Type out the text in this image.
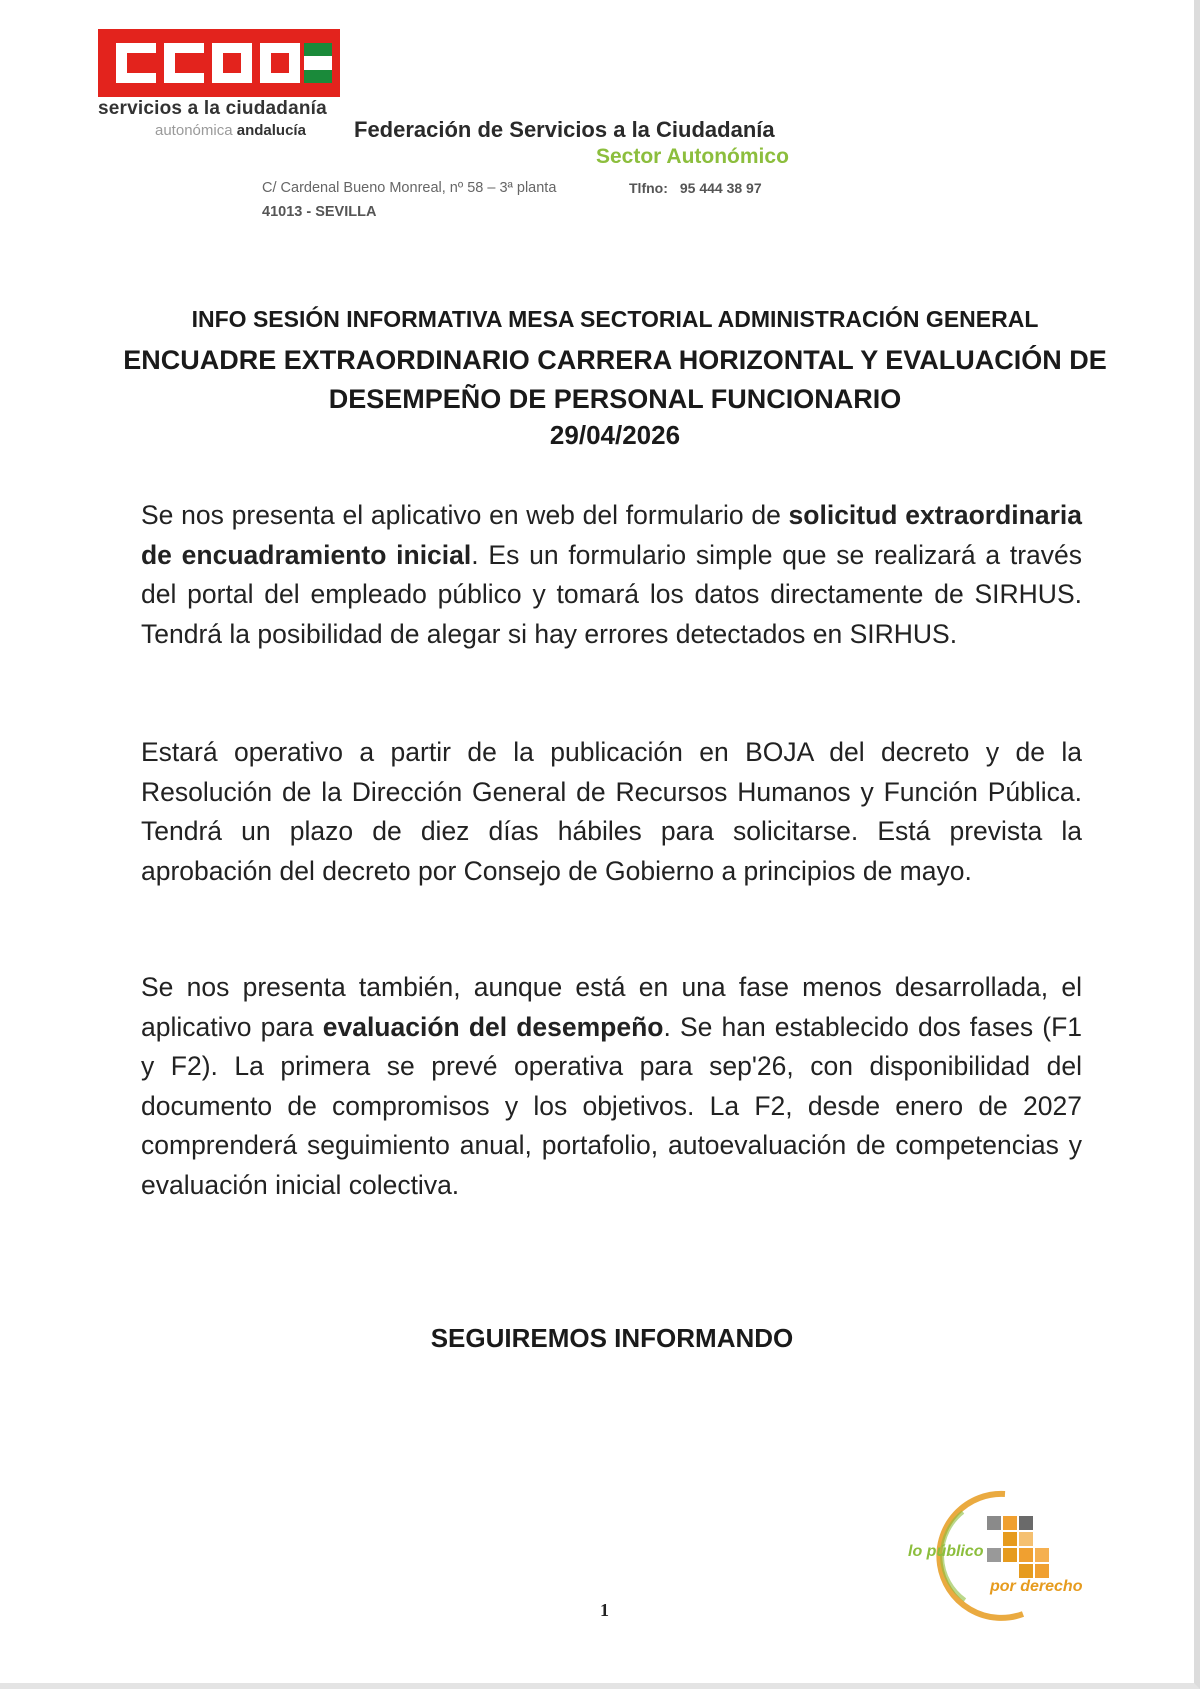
servicios a la ciudadanía
autonómica andalucía Federación de Servicios a la Ciudadanía
Sector Autonómico
C/ Cardenal Bueno Monreal, nº 58 – 3ª planta	Tlfno: 95 444 38 97
41013 - SEVILLA
INFO SESIÓN INFORMATIVA MESA SECTORIAL ADMINISTRACIÓN GENERAL
ENCUADRE EXTRAORDINARIO CARRERA HORIZONTAL Y EVALUACIÓN DE DESEMPEÑO DE PERSONAL FUNCIONARIO
29/04/2026
Se nos presenta el aplicativo en web del formulario de solicitud extraordinaria de encuadramiento inicial. Es un formulario simple que se realizará a través del portal del empleado público y tomará los datos directamente de SIRHUS. Tendrá la posibilidad de alegar si hay errores detectados en SIRHUS.
Estará operativo a partir de la publicación en BOJA del decreto y de la Resolución de la Dirección General de Recursos Humanos y Función Pública. Tendrá un plazo de diez días hábiles para solicitarse. Está prevista la aprobación del decreto por Consejo de Gobierno a principios de mayo.
Se nos presenta también, aunque está en una fase menos desarrollada, el aplicativo para evaluación del desempeño. Se han establecido dos fases (F1 y F2). La primera se prevé operativa para sep'26, con disponibilidad del documento de compromisos y los objetivos. La F2, desde enero de 2027 comprenderá seguimiento anual, portafolio, autoevaluación de competencias y evaluación inicial colectiva.
SEGUIREMOS INFORMANDO
lo público
por derecho
1
